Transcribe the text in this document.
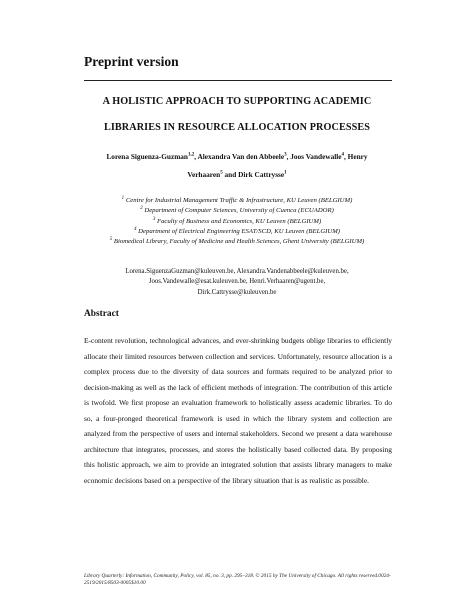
Preprint version
A HOLISTIC APPROACH TO SUPPORTING ACADEMIC
LIBRARIES IN RESOURCE ALLOCATION PROCESSES
Lorena Siguenza-Guzman$^{1,2}$, Alexandra Van den Abbeele$^3$, Joos Vandewalle$^4$, Henry
Verhaaren$^5$ and Dirk Cattrysse$^1$
$^1$ Centre for Industrial Management Traffic & Infrastructure, KU Leuven (BELGIUM)
$^2$ Department of Computer Sciences, University of Cuenca (ECUADOR)
$^3$ Faculty of Business and Economics, KU Leuven (BELGIUM)
$^4$ Department of Electrical Engineering ESAT/SCD, KU Leuven (BELGIUM)
$^5$ Biomedical Library, Faculty of Medicine and Health Sciences, Ghent University (BELGIUM)
Lorena.SiguenzaGuzman@kuleuven.be, Alexandra.Vandenabbeele@kuleuven.be,
Joos.Vandewalle@esat.kuleuven.be, Henri.Verhaaren@ugent.be,
Dirk.Cattrysse@kuleuven.be
Abstract

E-content revolution, technological advances, and ever-shrinking budgets oblige libraries to efficiently allocate their limited resources between collection and services. Unfortunately, resource allocation is a complex process due to the diversity of data sources and formats required to be analyzed prior to decision-making as well as the lack of efficient methods of integration. The contribution of this article is twofold. We first propose an evaluation framework to holistically assess academic libraries. To do so, a four-pronged theoretical framework is used in which the library system and collection are analyzed from the perspective of users and internal stakeholders. Second we present a data warehouse architecture that integrates, processes, and stores the holistically based collected data. By proposing this holistic approach, we aim to provide an integrated solution that assists library managers to make economic decisions based on a perspective of the library situation that is as realistic as possible.

Library Quarterly: Information, Community, Policy, vol. 85, no. 3, pp. 295–318. © 2015 by The University of Chicago. All rights reserved.0024-2519/2015/8503-0005$10.00
